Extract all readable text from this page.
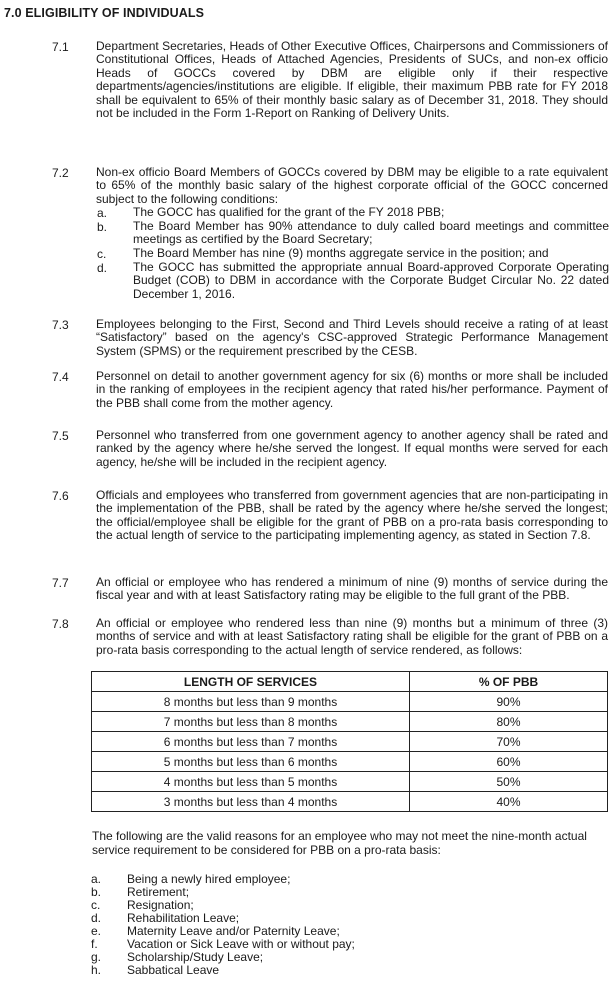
7.0 ELIGIBILITY OF INDIVIDUALS
7.1 Department Secretaries, Heads of Other Executive Offices, Chairpersons and Commissioners of Constitutional Offices, Heads of Attached Agencies, Presidents of SUCs, and non-ex officio Heads of GOCCs covered by DBM are eligible only if their respective departments/agencies/institutions are eligible. If eligible, their maximum PBB rate for FY 2018 shall be equivalent to 65% of their monthly basic salary as of December 31, 2018. They should not be included in the Form 1-Report on Ranking of Delivery Units.
7.2 Non-ex officio Board Members of GOCCs covered by DBM may be eligible to a rate equivalent to 65% of the monthly basic salary of the highest corporate official of the GOCC concerned subject to the following conditions:
a. The GOCC has qualified for the grant of the FY 2018 PBB;
b. The Board Member has 90% attendance to duly called board meetings and committee meetings as certified by the Board Secretary;
c. The Board Member has nine (9) months aggregate service in the position; and
d. The GOCC has submitted the appropriate annual Board-approved Corporate Operating Budget (COB) to DBM in accordance with the Corporate Budget Circular No. 22 dated December 1, 2016.
7.3 Employees belonging to the First, Second and Third Levels should receive a rating of at least “Satisfactory” based on the agency's CSC-approved Strategic Performance Management System (SPMS) or the requirement prescribed by the CESB.
7.4 Personnel on detail to another government agency for six (6) months or more shall be included in the ranking of employees in the recipient agency that rated his/her performance. Payment of the PBB shall come from the mother agency.
7.5 Personnel who transferred from one government agency to another agency shall be rated and ranked by the agency where he/she served the longest. If equal months were served for each agency, he/she will be included in the recipient agency.
7.6 Officials and employees who transferred from government agencies that are non-participating in the implementation of the PBB, shall be rated by the agency where he/she served the longest; the official/employee shall be eligible for the grant of PBB on a pro-rata basis corresponding to the actual length of service to the participating implementing agency, as stated in Section 7.8.
7.7 An official or employee who has rendered a minimum of nine (9) months of service during the fiscal year and with at least Satisfactory rating may be eligible to the full grant of the PBB.
7.8 An official or employee who rendered less than nine (9) months but a minimum of three (3) months of service and with at least Satisfactory rating shall be eligible for the grant of PBB on a pro-rata basis corresponding to the actual length of service rendered, as follows:
LENGTH OF SERVICES	% OF PBB
8 months but less than 9 months	90%
7 months but less than 8 months	80%
6 months but less than 7 months	70%
5 months but less than 6 months	60%
4 months but less than 5 months	50%
3 months but less than 4 months	40%
The following are the valid reasons for an employee who may not meet the nine-month actual service requirement to be considered for PBB on a pro-rata basis:
a. Being a newly hired employee;
b. Retirement;
c. Resignation;
d. Rehabilitation Leave;
e. Maternity Leave and/or Paternity Leave;
f. Vacation or Sick Leave with or without pay;
g. Scholarship/Study Leave;
h. Sabbatical Leave
